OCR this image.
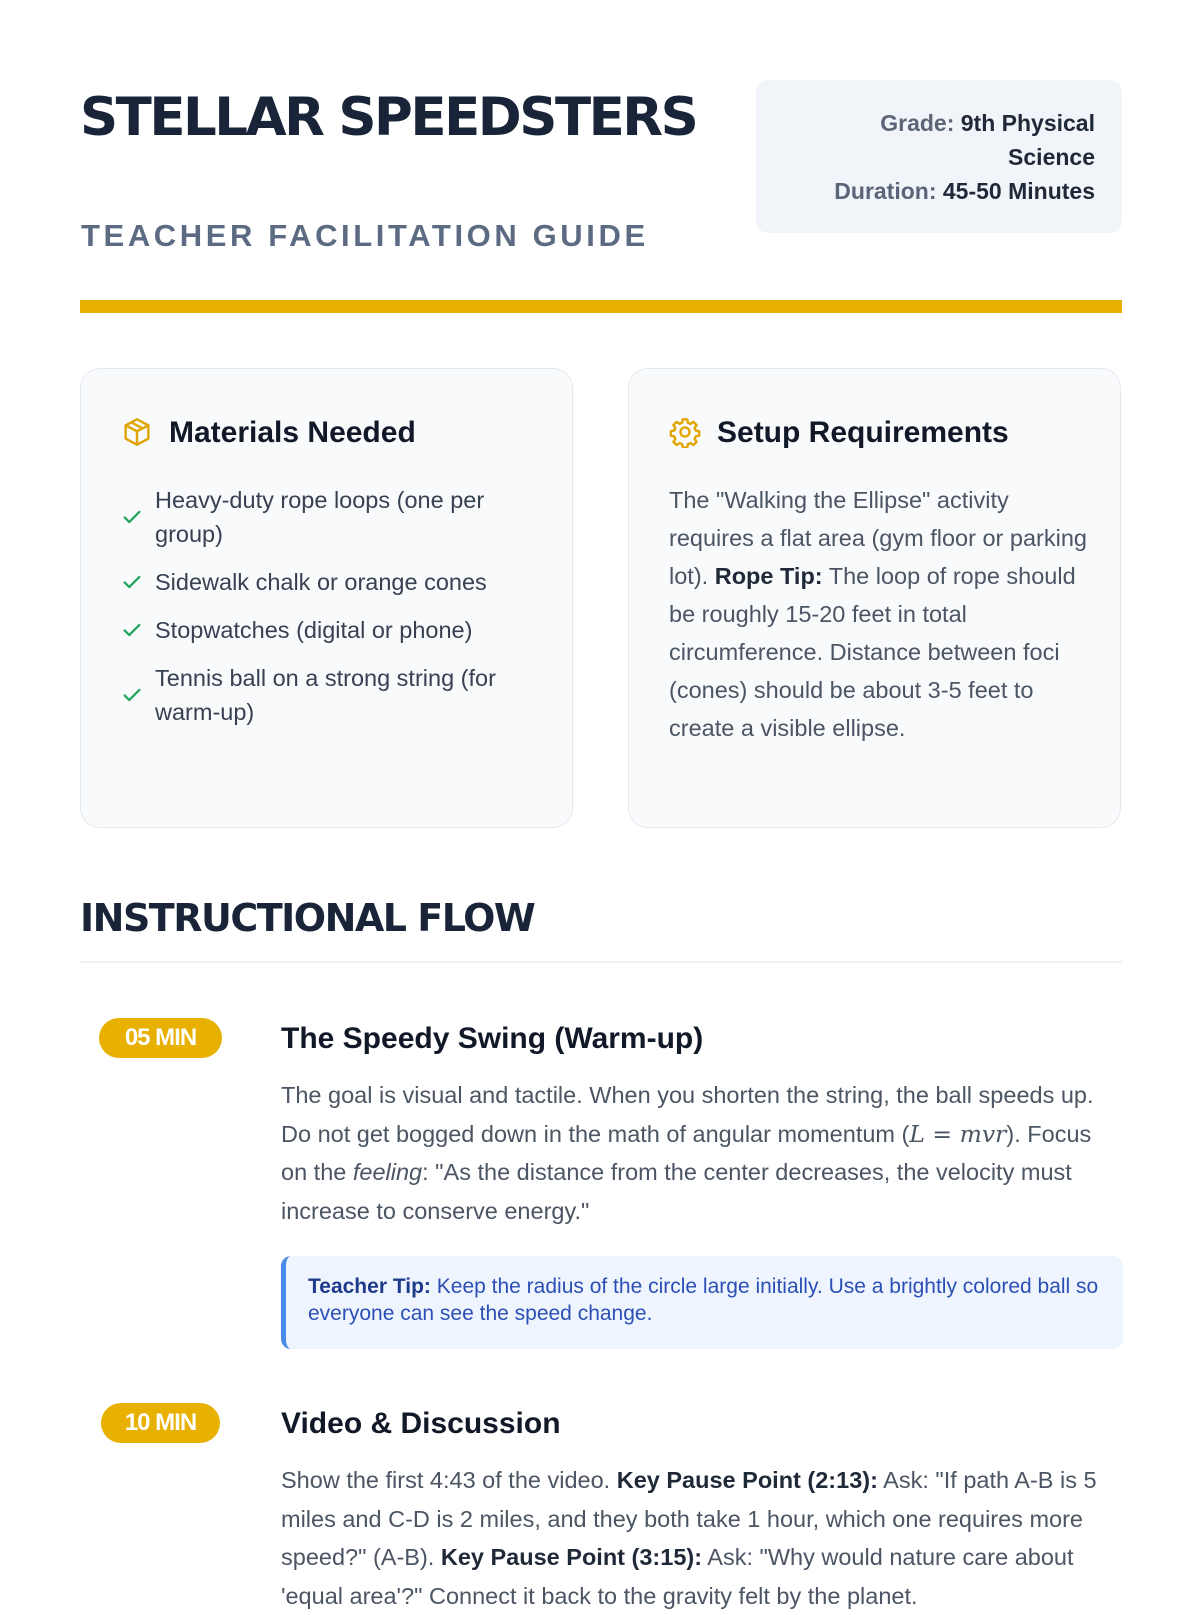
STELLAR SPEEDSTERS
TEACHER FACILITATION GUIDE
Grade: 9th Physical Science
Duration: 45-50 Minutes
Materials Needed
Heavy-duty rope loops (one per group)
Sidewalk chalk or orange cones
Stopwatches (digital or phone)
Tennis ball on a strong string (for warm-up)
Setup Requirements
The "Walking the Ellipse" activity requires a flat area (gym floor or parking lot). Rope Tip: The loop of rope should be roughly 15-20 feet in total circumference. Distance between foci (cones) should be about 3-5 feet to create a visible ellipse.
INSTRUCTIONAL FLOW
05 MIN	The Speedy Swing (Warm-up)
The goal is visual and tactile. When you shorten the string, the ball speeds up. Do not get bogged down in the math of angular momentum (L = mvr). Focus on the feeling: "As the distance from the center decreases, the velocity must increase to conserve energy."
Teacher Tip: Keep the radius of the circle large initially. Use a brightly colored ball so everyone can see the speed change.
10 MIN	Video & Discussion
Show the first 4:43 of the video. Key Pause Point (2:13): Ask: "If path A-B is 5 miles and C-D is 2 miles, and they both take 1 hour, which one requires more speed?" (A-B). Key Pause Point (3:15): Ask: "Why would nature care about 'equal area'?" Connect it back to the gravity felt by the planet.
